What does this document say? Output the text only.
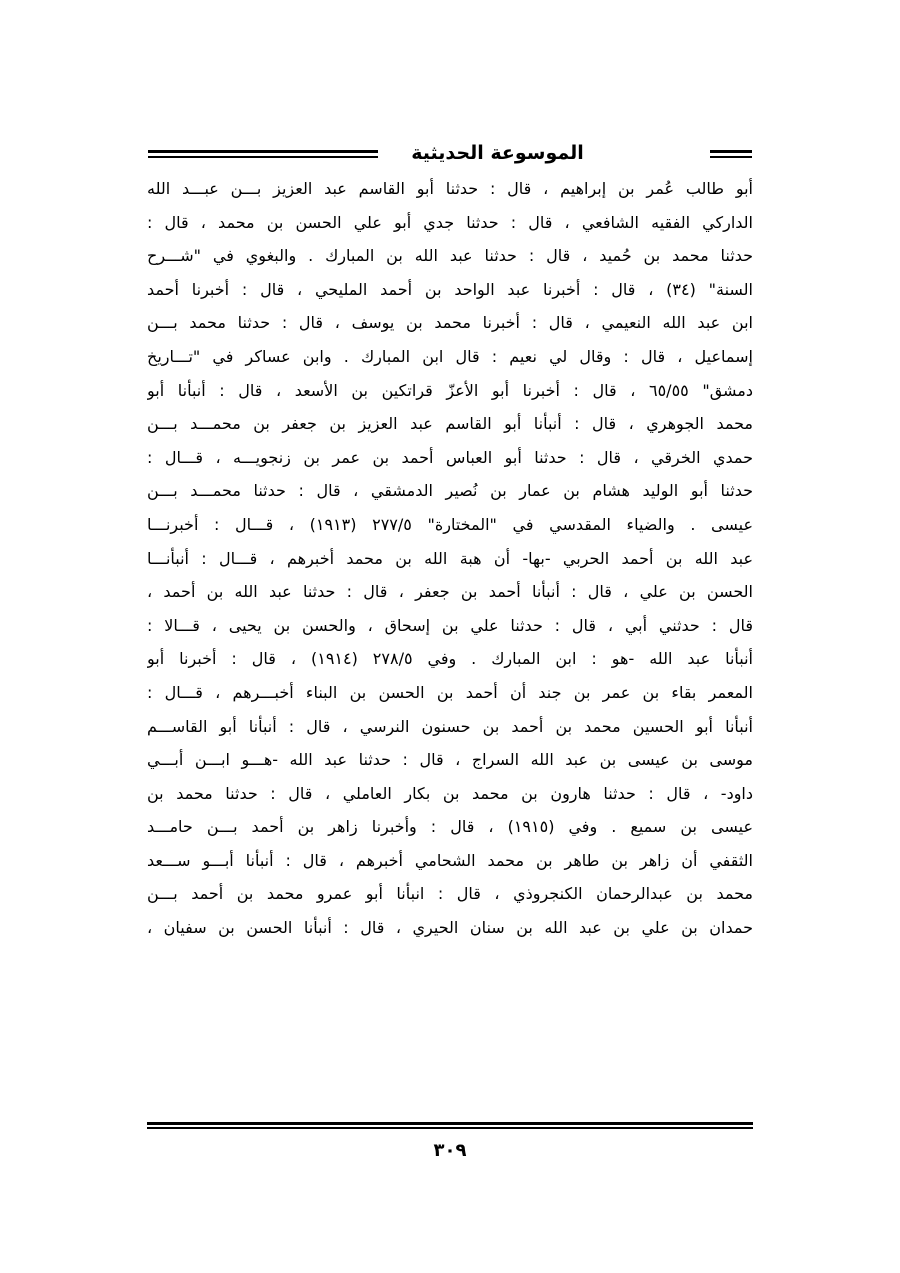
الموسوعة الحديثية
أبو طالب عُمر بن إبراهيم ، قال : حدثنا أبو القاسم عبد العزيز بـــن عبـــد الله
الداركي الفقيه الشافعي ، قال : حدثنا جدي أبو علي الحسن بن محمد ، قال :
حدثنا محمد بن حُميد ، قال : حدثنا عبد الله بن المبارك . والبغوي في "شـــرح
السنة" (٣٤) ، قال : أخبرنا عبد الواحد بن أحمد المليحي ، قال : أخبرنا أحمد
ابن عبد الله النعيمي ، قال : أخبرنا محمد بن يوسف ، قال : حدثنا محمد بـــن
إسماعيل ، قال : وقال لي نعيم : قال ابن المبارك . وابن عساكر في "تـــاريخ
دمشق" ٦٥/٥٥ ، قال : أخبرنا أبو الأعزّ قراتكين بن الأسعد ، قال : أنبأنا أبو
محمد الجوهري ، قال : أنبأنا أبو القاسم عبد العزيز بن جعفر بن محمـــد بـــن
حمدي الخرقي ، قال : حدثنا أبو العباس أحمد بن عمر بن زنجويـــه ، قـــال :
حدثنا أبو الوليد هشام بن عمار بن نُصير الدمشقي ، قال : حدثنا محمـــد بـــن
عيسى . والضياء المقدسي في "المختارة" ٢٧٧/٥ (١٩١٣) ، قـــال : أخبرنـــا
عبد الله بن أحمد الحربي -بها- أن هبة الله بن محمد أخبرهم ، قـــال : أنبأنـــا
الحسن بن علي ، قال : أنبأنا أحمد بن جعفر ، قال : حدثنا عبد الله بن أحمد ،
قال : حدثني أبي ، قال : حدثنا علي بن إسحاق ، والحسن بن يحيى ، قـــالا :
أنبأنا عبد الله -هو : ابن المبارك . وفي ٢٧٨/٥ (١٩١٤) ، قال : أخبرنا أبو
المعمر بقاء بن عمر بن جند أن أحمد بن الحسن بن البناء أخبـــرهم ، قـــال :
أنبأنا أبو الحسين محمد بن أحمد بن حسنون النرسي ، قال : أنبأنا أبو القاســـم
موسى بن عيسى بن عبد الله السراج ، قال : حدثنا عبد الله -هـــو ابـــن أبـــي
داود- ، قال : حدثنا هارون بن محمد بن بكار العاملي ، قال : حدثنا محمد بن
عيسى بن سميع . وفي (١٩١٥) ، قال : وأخبرنا زاهر بن أحمد بـــن حامـــد
الثقفي أن زاهر بن طاهر بن محمد الشحامي أخبرهم ، قال : أنبأنا أبـــو ســـعد
محمد بن عبدالرحمان الكنجروذي ، قال : انبأنا أبو عمرو محمد بن أحمد بـــن
حمدان بن علي بن عبد الله بن سنان الحيري ، قال : أنبأنا الحسن بن سفيان ،
٣٠٩
